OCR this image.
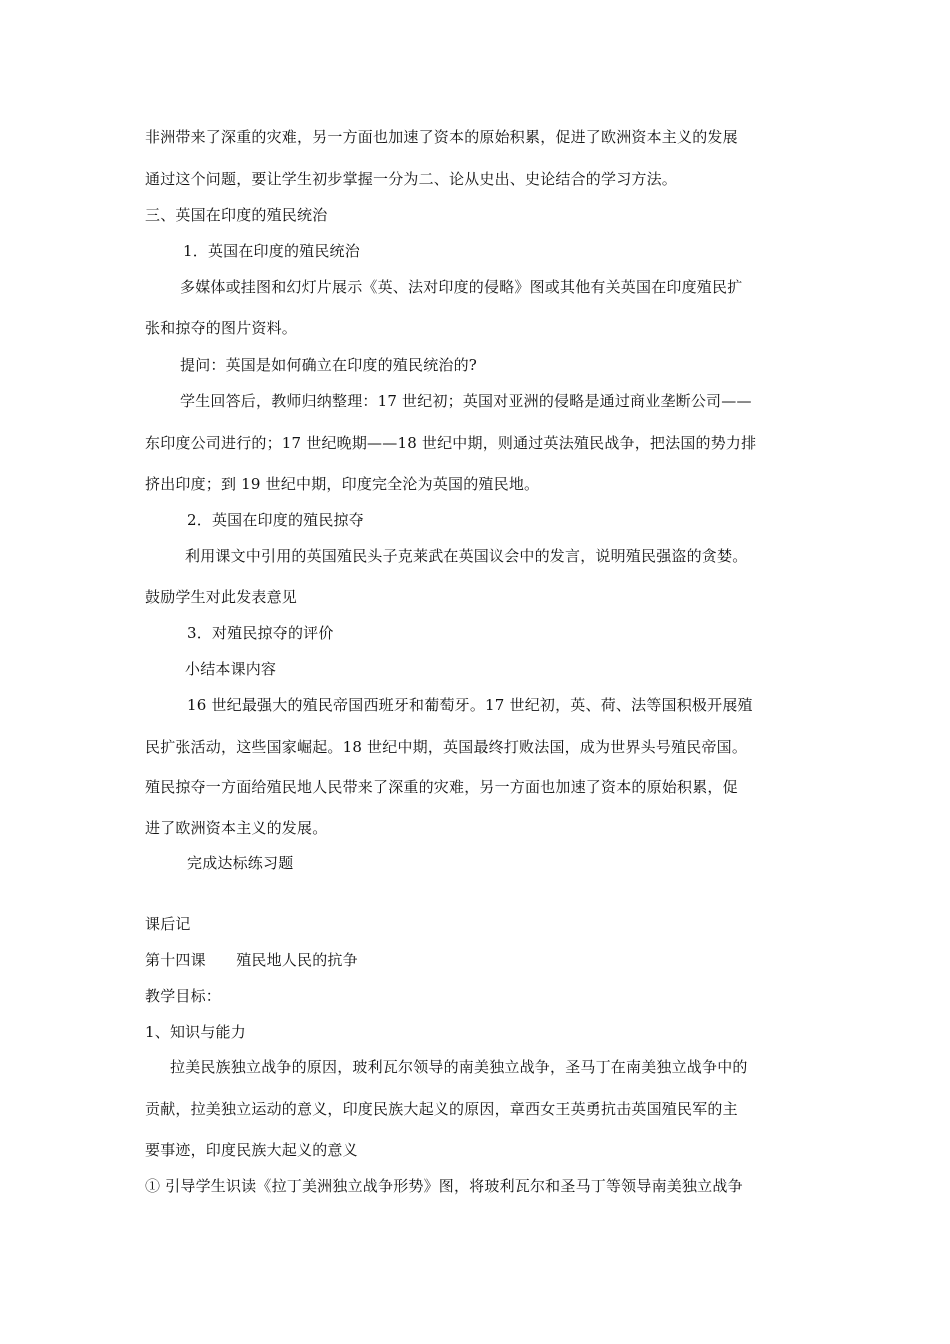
非洲带来了深重的灾难，另一方面也加速了资本的原始积累，促进了欧洲资本主义的发展
通过这个问题，要让学生初步掌握一分为二、论从史出、史论结合的学习方法。
三、英国在印度的殖民统治
1．英国在印度的殖民统治
多媒体或挂图和幻灯片展示《英、法对印度的侵略》图或其他有关英国在印度殖民扩
张和掠夺的图片资料。
提问：英国是如何确立在印度的殖民统治的?
学生回答后，教师归纳整理：17 世纪初；英国对亚洲的侵略是通过商业垄断公司——
东印度公司进行的；17 世纪晚期——18 世纪中期，则通过英法殖民战争，把法国的势力排
挤出印度；到 19 世纪中期，印度完全沦为英国的殖民地。
2．英国在印度的殖民掠夺
利用课文中引用的英国殖民头子克莱武在英国议会中的发言，说明殖民强盗的贪婪。
鼓励学生对此发表意见
3．对殖民掠夺的评价
小结本课内容
16 世纪最强大的殖民帝国西班牙和葡萄牙。17 世纪初，英、荷、法等国积极开展殖
民扩张活动，这些国家崛起。18 世纪中期，英国最终打败法国，成为世界头号殖民帝国。
殖民掠夺一方面给殖民地人民带来了深重的灾难，另一方面也加速了资本的原始积累，促
进了欧洲资本主义的发展。
完成达标练习题
课后记
第十四课　　殖民地人民的抗争
教学目标：
1、知识与能力
拉美民族独立战争的原因，玻利瓦尔领导的南美独立战争，圣马丁在南美独立战争中的
贡献，拉美独立运动的意义，印度民族大起义的原因，章西女王英勇抗击英国殖民军的主
要事迹，印度民族大起义的意义
① 引导学生识读《拉丁美洲独立战争形势》图，将玻利瓦尔和圣马丁等领导南美独立战争
